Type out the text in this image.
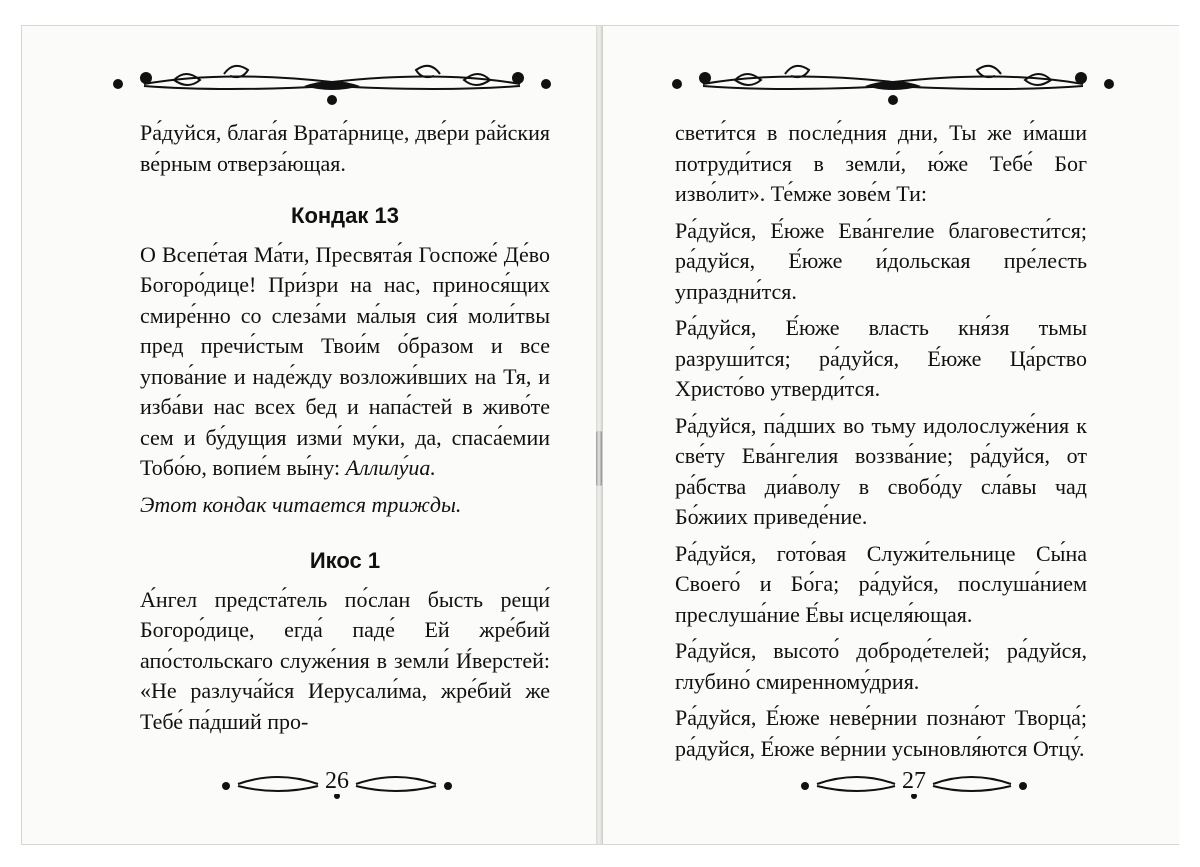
Ра́дуйся, блага́я Врата́рнице, две́ри ра́йския ве́рным отверза́ющая.

Кондак 13

О Всепе́тая Ма́ти, Пресвята́я Госпоже́ Де́во Богоро́дице! При́зри на нас, принося́щих смире́нно со слеза́ми ма́лыя сия́ моли́твы пред пречи́стым Твои́м о́бразом и все упова́ние и наде́жду возложи́вших на Тя, и изба́ви нас всех бед и напа́стей в живо́те сем и бу́дущия изми́ му́ки, да, спаса́емии Тобо́ю, вопие́м вы́ну: Аллилу́иа.

Этот кондак читается трижды.

Икос 1

А́нгел предста́тель по́слан бысть рещи́ Богоро́дице, егда́ паде́ Ей жре́бий апо́стольскаго служе́ния в земли́ И́верстей: «Не разлуча́йся Иерусали́ма, жре́бий же Тебе́ па́дший про-

26

свети́тся в после́дния дни, Ты же и́маши потруди́тися в земли́, ю́же Тебе́ Бог изво́лит». Те́мже зове́м Ти:

Ра́дуйся, Е́юже Ева́нгелие благовести́тся; ра́дуйся, Е́юже и́дольская пре́лесть упраздни́тся.

Ра́дуйся, Е́юже власть кня́зя тьмы разруши́тся; ра́дуйся, Е́юже Ца́рство Христо́во утверди́тся.

Ра́дуйся, па́дших во тьму идолослуже́ния к све́ту Ева́нгелия воззва́ние; ра́дуйся, от ра́бства диа́волу в свобо́ду сла́вы чад Бо́жиих приведе́ние.

Ра́дуйся, гото́вая Служи́тельнице Сы́на Своего́ и Бо́га; ра́дуйся, послуша́нием преслуша́ние Е́вы исцеля́ющая.

Ра́дуйся, высото́ доброде́телей; ра́дуйся, глубино́ смиренному́дрия.

Ра́дуйся, Е́юже неве́рнии позна́ют Творца́; ра́дуйся, Е́юже ве́рнии усыновля́ются Отцу́.

27
